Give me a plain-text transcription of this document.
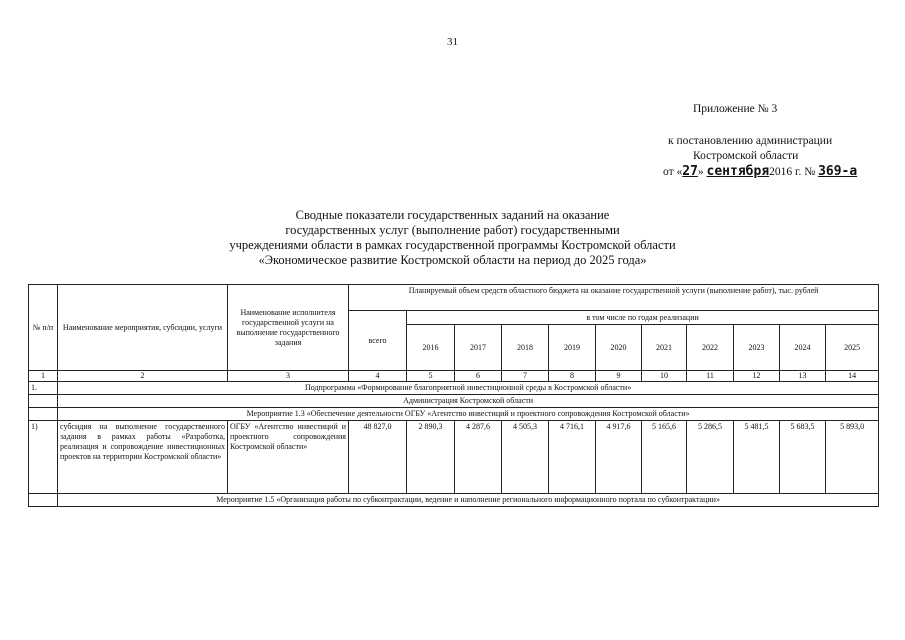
31
Приложение № 3
к постановлению администрации
Костромской области
от «27» сентября2016 г. № 369-а
Сводные показатели государственных заданий на оказание
государственных услуг (выполнение работ) государственными
учреждениями области в рамках государственной программы Костромской области
«Экономическое развитие Костромской области на период до 2025 года»
№ п/п	Наименование мероприятия, субсидии, услуги	Наименование исполнителя государственной услуги на выполнение государственного задания	Планируемый объем средств областного бюджета на оказание государственной услуги (выполнение работ), тыс. рублей										
			всего	в том числе по годам реализации									
				2016	2017	2018	2019	2020	2021	2022	2023	2024	2025
1	2	3	4	5	6	7	8	9	10	11	12	13	14
1.	Подпрограмма «Формирование благоприятной инвестиционной среды в Костромской области»												
	Администрация Костромской области												
	Мероприятие 1.3 «Обеспечение деятельности ОГБУ «Агентство инвестиций и проектного сопровождения Костромской области»												
1)	субсидия на выполнение государственного задания в рамках работы «Разработка, реализация и сопровождение инвестиционных проектов на территории Костромской области»	ОГБУ «Агентство инвестиций и проектного сопровождения Костромской области»	48 827,0	2 890,3	4 287,6	4 505,3	4 716,1	4 917,6	5 165,6	5 286,5	5 481,5	5 683,5	5 893,0
	Мероприятие 1.5 «Организация работы по субконтрактации, ведение и наполнение регионального информационного портала по субконтрактации»												
